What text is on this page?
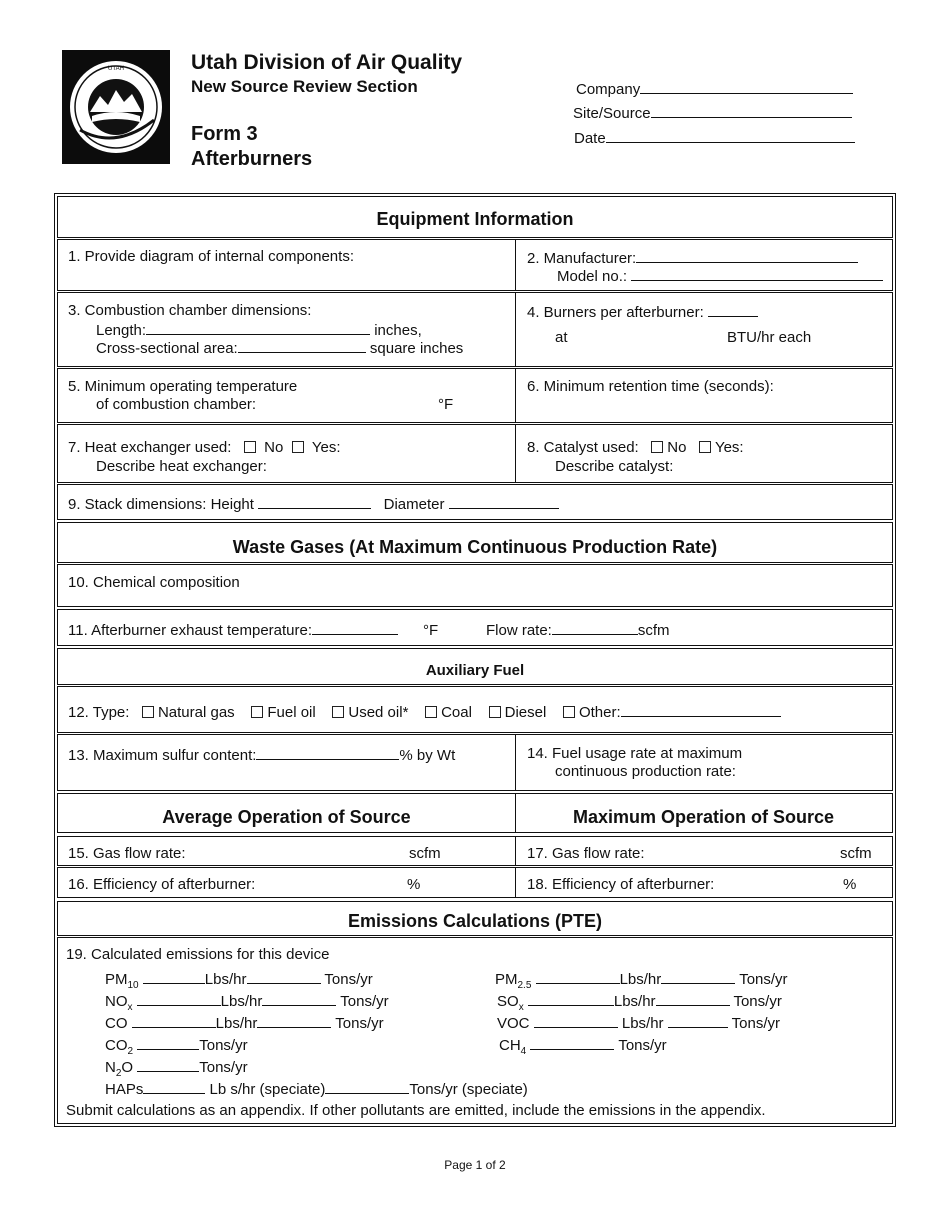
UTAH	Utah Division of Air Quality
New Source Review Section
Form 3
Afterburners
Company
Site/Source
Date
Equipment Information
1. Provide diagram of internal components:	2. Manufacturer:
Model no.:
3. Combustion chamber dimensions:
Length:	inches,
Cross-sectional area:	square inches
4. Burners per afterburner:
at	BTU/hr each
5. Minimum operating temperature
of combustion chamber:	°F
6. Minimum retention time (seconds):
7. Heat exchanger used: No Yes:
Describe heat exchanger:
8. Catalyst used: No Yes:
Describe catalyst:
9. Stack dimensions: Height	Diameter
Waste Gases (At Maximum Continuous Production Rate)
10. Chemical composition
11. Afterburner exhaust temperature:	°F	Flow rate:	scfm
Auxiliary Fuel
12. Type: Natural gas Fuel oil Used oil* Coal Diesel Other:
13. Maximum sulfur content:	% by Wt	14. Fuel usage rate at maximum
continuous production rate:
Average Operation of Source	Maximum Operation of Source
15. Gas flow rate:	scfm	17. Gas flow rate:	scfm
16. Efficiency of afterburner:	%	18. Efficiency of afterburner:	%
Emissions Calculations (PTE)
19. Calculated emissions for this device
$PM_{10}$	Lbs/hr	Tons/yr
$NO_x$	Lbs/hr	Tons/yr
CO	Lbs/hr	Tons/yr
$CO_2$	Tons/yr
$N_2O$	Tons/yr
HAPs	Lb s/hr (speciate)	Tons/yr (speciate)
$PM_{2.5}$	Lbs/hr	Tons/yr
$SO_x$	Lbs/hr	Tons/yr
VOC	Lbs/hr	Tons/yr
$CH_4$	Tons/yr
Submit calculations as an appendix. If other pollutants are emitted, include the emissions in the appendix.
Page 1 of 2
